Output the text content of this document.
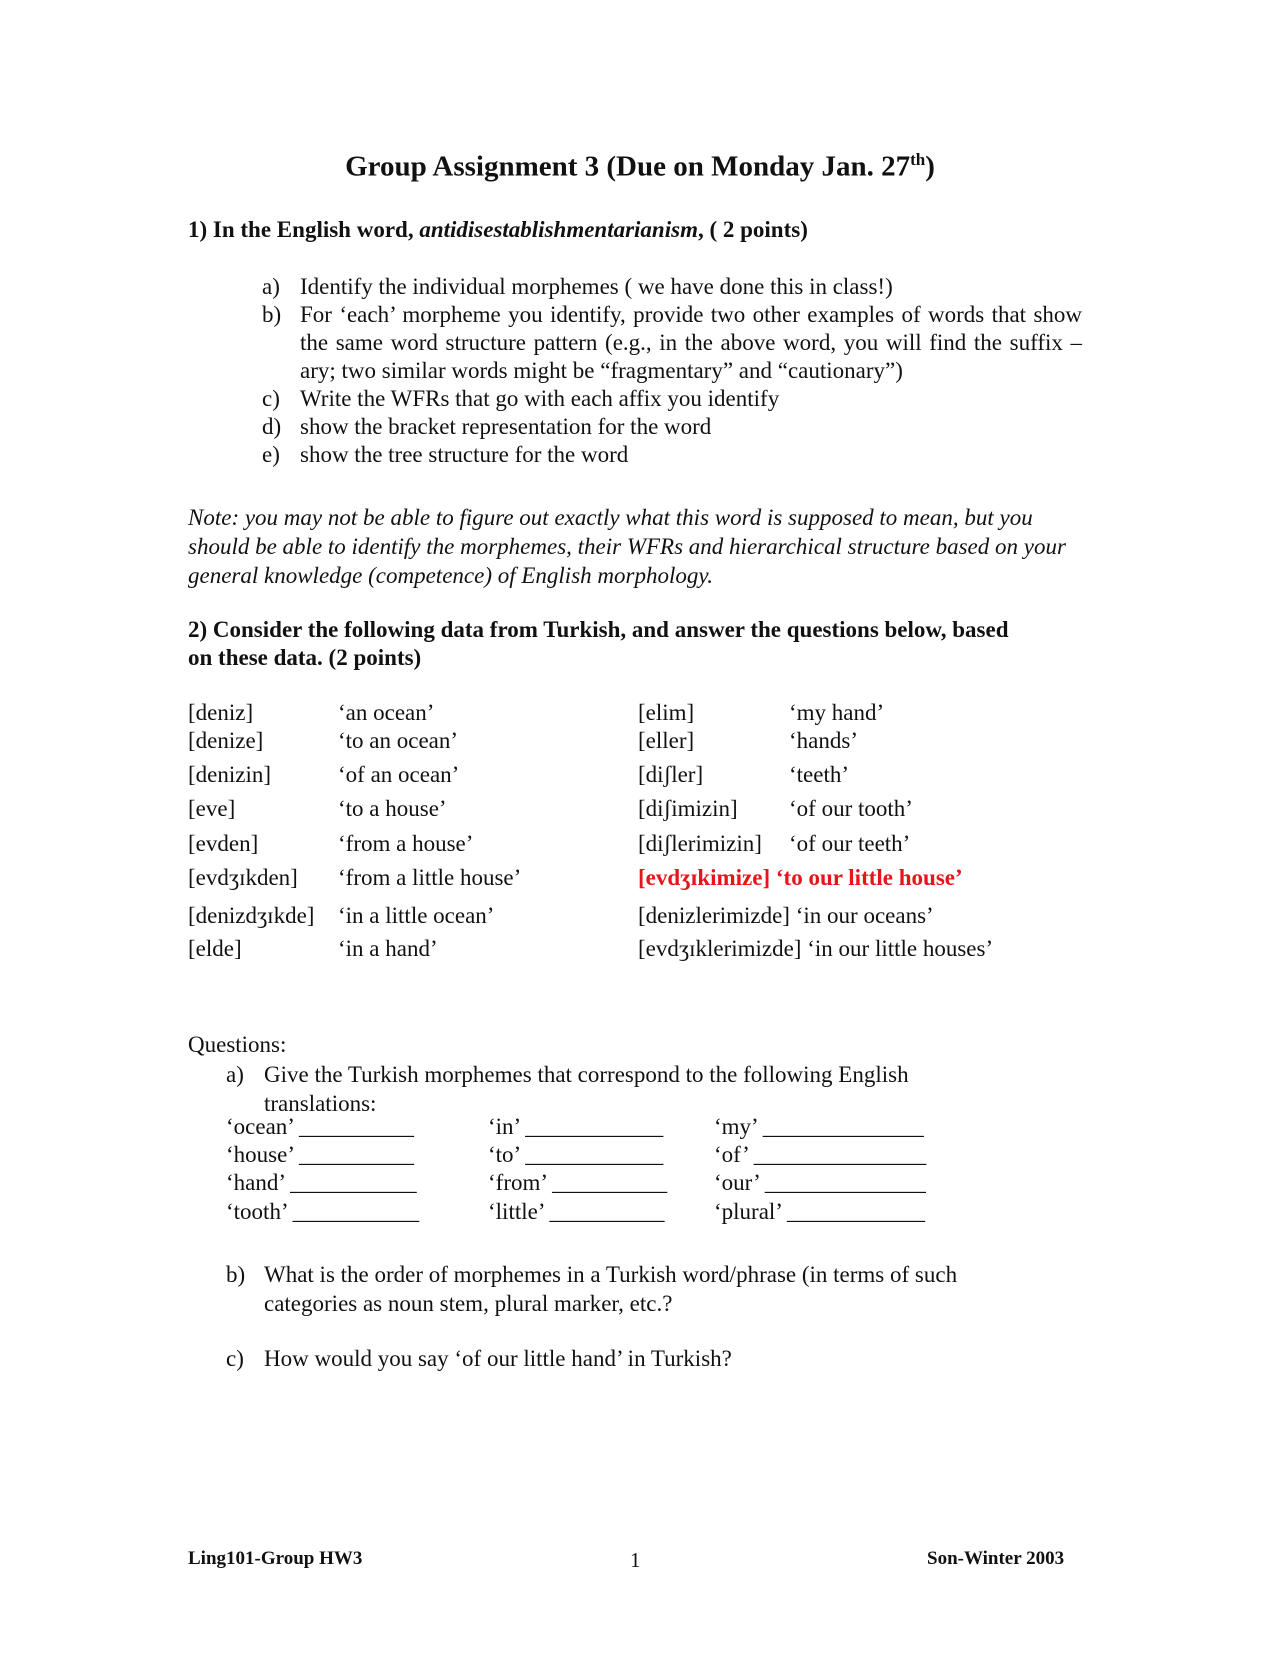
Group Assignment 3 (Due on Monday Jan. 27th)
1) In the English word, antidisestablishmentarianism, ( 2 points)
a) Identify the individual morphemes ( we have done this in class!)
b) For ‘each’ morpheme you identify, provide two other examples of words that show the same word structure pattern (e.g., in the above word, you will find the suffix –ary; two similar words might be “fragmentary” and “cautionary”)
c) Write the WFRs that go with each affix you identify
d) show the bracket representation for the word
e) show the tree structure for the word
Note: you may not be able to figure out exactly what this word is supposed to mean, but you should be able to identify the morphemes, their WFRs and hierarchical structure based on your general knowledge (competence) of English morphology.
2) Consider the following data from Turkish, and answer the questions below, based
on these data. (2 points)
[deniz]	‘an ocean’
[denize]	‘to an ocean’
[denizin]	‘of an ocean’
[eve]	‘to a house’
[evden]	‘from a house’
[evdʒɪkden] ‘from a little house’
[denizdʒɪkde] ‘in a little ocean’
[elde]	‘in a hand’
[elim]	‘my hand’
[eller]	‘hands’
[diʃler]	‘teeth’
[diʃimizin] ‘of our tooth’
[diʃlerimizin] ‘of our teeth’
[evdʒɪkimize] ‘to our little house’
[denizlerimizde] ‘in our oceans’
[evdʒɪklerimizde] ‘in our little houses’
Questions:
a) Give the Turkish morphemes that correspond to the following English
translations:
‘ocean’ __________	‘in’ ____________ ‘my’ ______________
‘house’ __________	‘to’ ____________ ‘of’ _______________
‘hand’ ___________	‘from’ __________ ‘our’ ______________
‘tooth’ ___________	‘little’ __________ ‘plural’ ____________
b) What is the order of morphemes in a Turkish word/phrase (in terms of such
categories as noun stem, plural marker, etc.?
c) How would you say ‘of our little hand’ in Turkish?
Ling101-Group HW3	1	Son-Winter 2003
